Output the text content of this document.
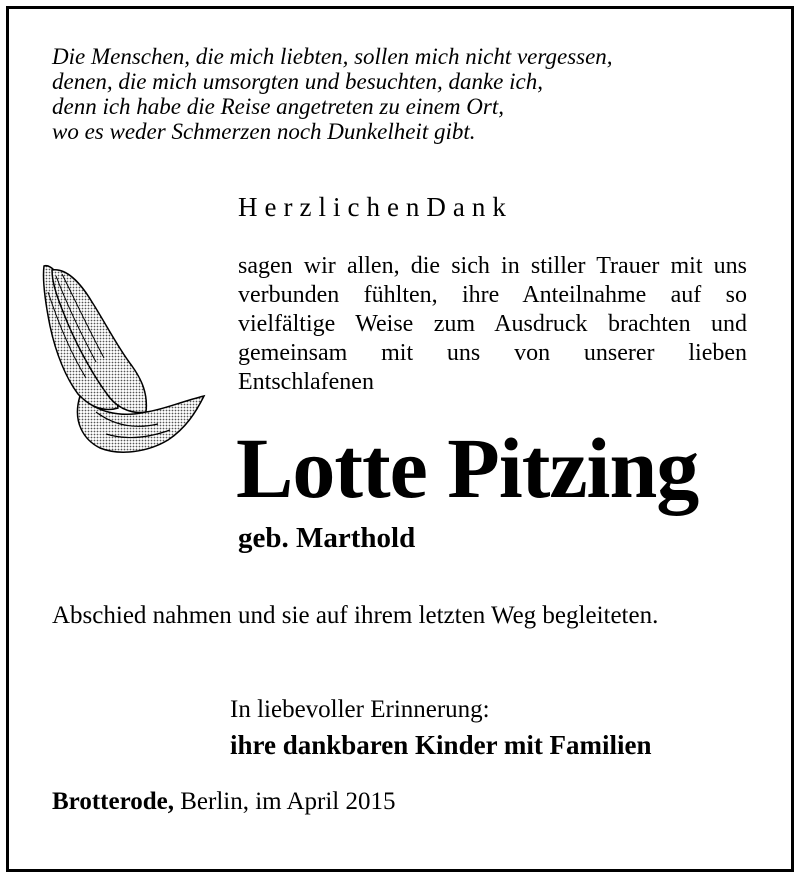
Die Menschen, die mich liebten, sollen mich nicht vergessen,
denen, die mich umsorgten und besuchten, danke ich,
denn ich habe die Reise angetreten zu einem Ort,
wo es weder Schmerzen noch Dunkelheit gibt.
HerzlichenDank
sagen wir allen, die sich in stiller Trauer mit uns verbunden fühlten, ihre Anteilnahme auf so vielfältige Weise zum Ausdruck brachten und gemeinsam mit uns von unserer lieben Entschlafenen
Lotte Pitzing
geb. Marthold
Abschied nahmen und sie auf ihrem letzten Weg begleiteten.
In liebevoller Erinnerung:
ihre dankbaren Kinder mit Familien
Brotterode, Berlin, im April 2015
